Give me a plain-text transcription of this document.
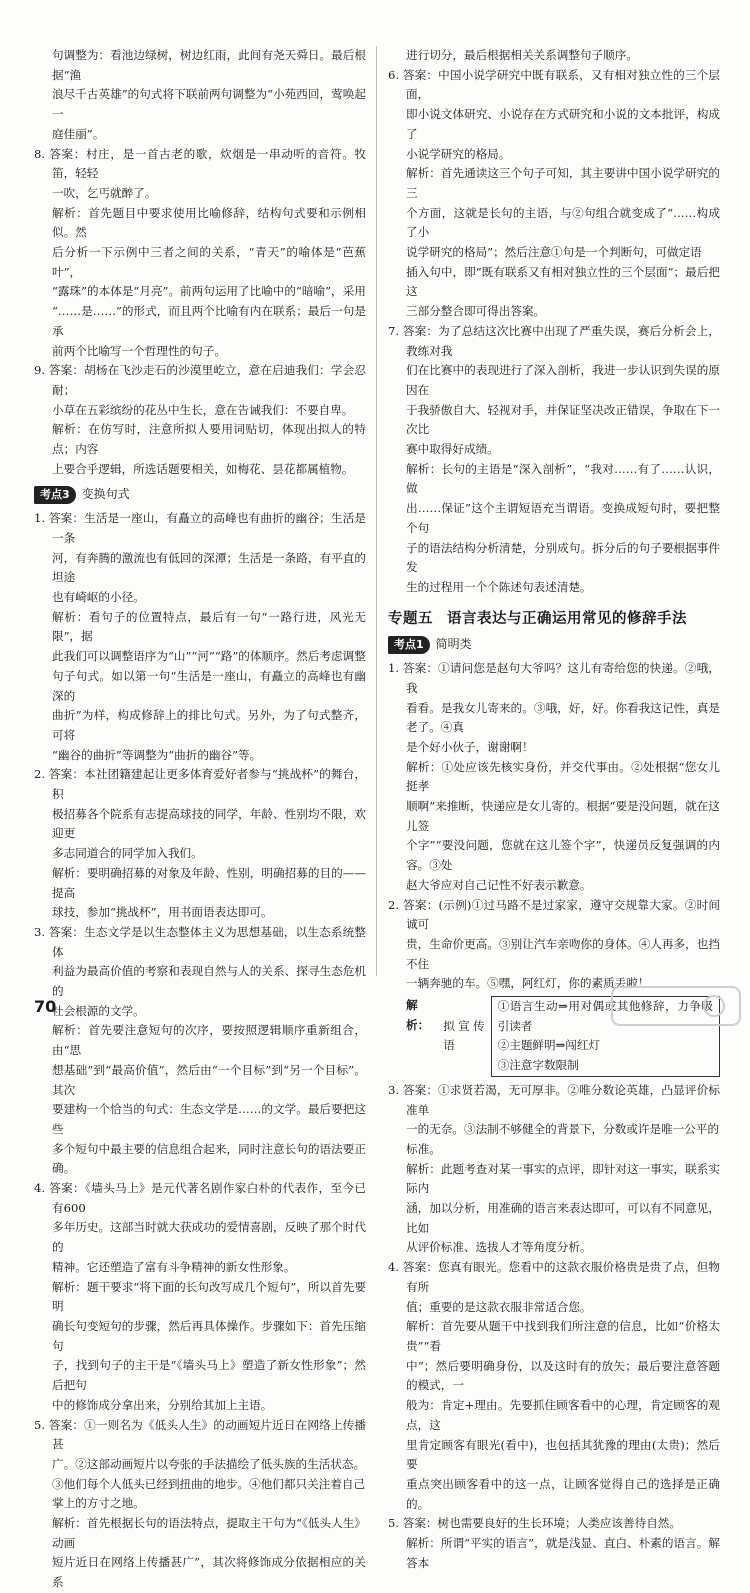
句调整为：看池边绿树，树边红雨，此间有尧天舜日。最后根据“渔

浪尽千古英雄”的句式将下联前两句调整为“小苑西回，莺唤起一

庭佳丽”。

8. 答案：村庄，是一首古老的歌，炊烟是一串动听的音符。牧笛，轻轻

一吹，乞丐就醉了。

解析：首先题目中要求使用比喻修辞，结构句式要和示例相似。然

后分析一下示例中三者之间的关系，“青天”的喻体是“芭蕉叶”，

“露珠”的本体是“月亮”。前两句运用了比喻中的“暗喻”，采用

“……是……”的形式，而且两个比喻有内在联系；最后一句是承

前两个比喻写一个哲理性的句子。

9. 答案：胡杨在飞沙走石的沙漠里屹立，意在启迪我们：学会忍耐；

小草在五彩缤纷的花丛中生长，意在告诫我们：不要自卑。

解析：在仿写时，注意所拟人要用词贴切，体现出拟人的特点；内容

上要合乎逻辑，所选话题要相关，如梅花、昙花都属植物。

考点3	变换句式

1. 答案：生活是一座山，有矗立的高峰也有曲折的幽谷；生活是一条

河，有奔腾的激流也有低回的深潭；生活是一条路，有平直的坦途

也有崎岖的小径。

解析：看句子的位置特点，最后有一句“一路行进，风光无限”，据

此我们可以调整语序为“山”“河”“路”的体顺序。然后考虑调整

句子句式。如以第一句“生活是一座山，有矗立的高峰也有幽深的

曲折”为样，构成修辞上的排比句式。另外，为了句式整齐，可将

“幽谷的曲折”等调整为“曲折的幽谷”等。

2. 答案：本社团籍建起让更多体育爱好者参与“挑战杯”的舞台，积

极招募各个院系有志提高球技的同学，年龄、性别均不限，欢迎更

多志同道合的同学加入我们。

解析：要明确招募的对象及年龄、性别，明确招募的目的——提高

球技，参加“挑战杯”，用书面语表达即可。

3. 答案：生态文学是以生态整体主义为思想基础，以生态系统整体

利益为最高价值的考察和表现自然与人的关系、探寻生态危机的

社会根源的文学。

解析：首先要注意短句的次序，要按照逻辑顺序重新组合，由“思

想基础”到“最高价值”，然后由“一个目标”到“另一个目标”。其次

要建构一个恰当的句式：生态文学是……的文学。最后要把这些

多个短句中最主要的信息组合起来，同时注意长句的语法要正确。

4. 答案：《墙头马上》是元代著名剧作家白朴的代表作，至今已有600

多年历史。这部当时就大获成功的爱情喜剧，反映了那个时代的

精神。它还塑造了富有斗争精神的新女性形象。

解析：题干要求“将下面的长句改写成几个短句”，所以首先要明

确长句变短句的步骤，然后再具体操作。步骤如下：首先压缩句

子，找到句子的主干是“《墙头马上》塑造了新女性形象”；然后把句

中的修饰成分拿出来，分别给其加上主语。

5. 答案：①一则名为《低头人生》的动画短片近日在网络上传播甚

广。②这部动画短片以夸张的手法描绘了低头族的生活状态。

③他们每个人低头已经到扭曲的地步。④他们都只关注着自己

掌上的方寸之地。

解析：首先根据长句的语法特点，提取主干句为“《低头人生》动画

短片近日在网络上传播甚广”，其次将修饰成分依据相应的关系

进行切分，最后根据相关关系调整句子顺序。

6. 答案：中国小说学研究中既有联系，又有相对独立性的三个层面，

即小说文体研究、小说存在方式研究和小说的文本批评，构成了

小说学研究的格局。

解析：首先通读这三个句子可知，其主要讲中国小说学研究的三

个方面，这就是长句的主语，与②句组合就变成了“……构成了小

说学研究的格局”；然后注意①句是一个判断句，可做定语

插入句中，即“既有联系又有相对独立性的三个层面”；最后把这

三部分整合即可得出答案。

7. 答案：为了总结这次比赛中出现了严重失误，赛后分析会上，教练对我

们在比赛中的表现进行了深入剖析，我进一步认识到失误的原因在

于我骄傲自大、轻视对手，并保证坚决改正错误，争取在下一次比

赛中取得好成绩。

解析：长句的主语是“深入剖析”，“我对……有了……认识，做

出……保证”这个主谓短语充当谓语。变换成短句时，要把整个句

子的语法结构分析清楚，分别成句。拆分后的句子要根据事件发

生的过程用一个个陈述句表述清楚。

专题五 语言表达与正确运用常见的修辞手法
考点1	简明类

1. 答案：①请问您是赵句大爷吗？这儿有寄给您的快递。②哦，我

看看。是我女儿寄来的。③哦，好，好。你看我这记性，真是老了。④真

是个好小伙子，谢谢啊！

解析：①处应该先核实身份，并交代事由。②处根据“您女儿挺孝

顺啊”来推断，快递应是女儿寄的。根据“要是没问题，就在这儿签

个字”“要没问题，您就在这儿签个字”，快递员反复强调的内容。③处

赵大爷应对自己记性不好表示歉意。

2. 答案：(示例)①过马路不是过家家，遵守交规靠大家。②时间诚可

贵，生命价更高。③别让汽车亲吻你的身体。④人再多，也挡不住

一辆奔驰的车。⑤嘿，阿红灯，你的素质丢啦！

解析：	拟宣传语

①语言生动⇒用对偶或其他修辞，力争吸引读者

②主题鲜明⇒闯红灯

③注意字数限制

3. 答案：①求贤若渴，无可厚非。②唯分数论英雄，凸显评价标准单

一的无奈。③法制不够健全的背景下，分数或许是唯一公平的

标准。

解析：此题考查对某一事实的点评，即针对这一事实，联系实际内

涵，加以分析，用准确的语言来表达即可，可以有不同意见，比如

从评价标准、选拔人才等角度分析。

4. 答案：您真有眼光。您看中的这款衣服价格贵是贵了点，但物有所

值；重要的是这款衣服非常适合您。

解析：首先要从题干中找到我们所注意的信息，比如“价格太贵”“看

中”；然后要明确身份，以及这时有的放矢；最后要注意答题的模式，一

般为：肯定+理由。先要抓住顾客看中的心理，肯定顾客的观点，这

里肯定顾客有眼光(看中)，也包括其犹豫的理由(太贵)；然后要

重点突出顾客看中的这一点，让顾客觉得自己的选择是正确的。

5. 答案：树也需要良好的生长环境；人类应该善待自然。

解析：所谓“平实的语言”，就是浅显、直白、朴素的语言。解答本

70
